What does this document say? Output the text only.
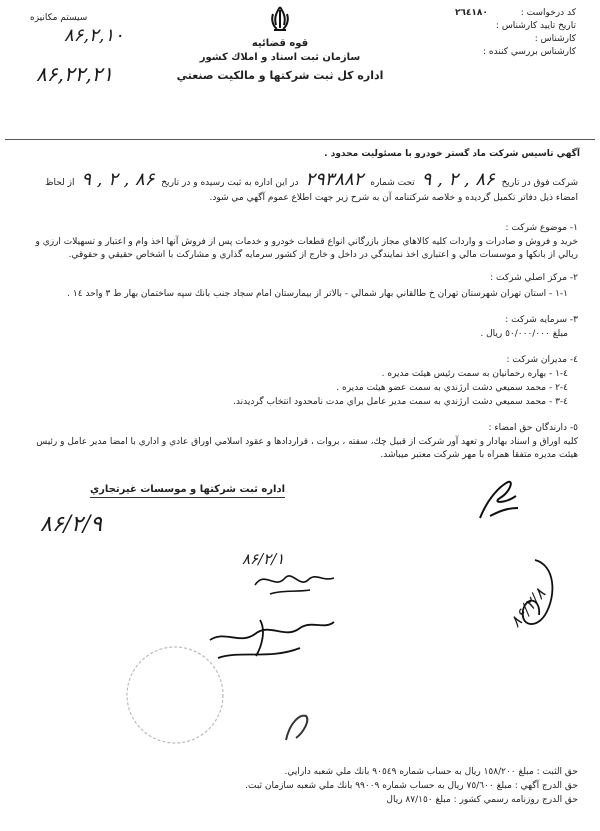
كد درخواست : ٢٦٤١٨٠
تاريخ تاييد كارشناس :
كارشناس :
كارشناس بررسي كننده :
سيستم مكانيزه
۸۶,۲,۱۰
۸۶,۲۲,۲۱
قوه قضائيه
سازمان ثبت اسناد و املاك كشور
اداره كل ثبت شركتها و مالكيت صنعتي
آگهي تاسيس شركت ماد گستر خودرو با مسئوليت محدود .
شركت فوق در تاريخ ۸۶ , ۲ , ۹ تحت شماره ۲۹۳۸۸۲ در اين اداره به ثبت رسيده و در تاريخ ۸۶ , ۲ , ۹ از لحاظ
امضاء ذيل دفاتر تكميل گرديده و خلاصه شركتنامه آن به شرح زير جهت اطلاع عموم آگهي مي شود.
١- موضوع شركت :
خريد و فروش و صادرات و واردات كليه كالاهاي مجاز بازرگاني انواع قطعات خودرو و خدمات پس از فروش آنها اخذ وام و اعتبار و تسهيلات ارزي و ريالي از بانكها و موسسات مالي و اعتباري اخذ نمايندگي در داخل و خارج از كشور سرمايه گذاري و مشاركت با اشخاص حقيقي و حقوقي.
٢- مركز اصلي شركت :
١-١ - استان تهران شهرستان تهران خ طالقاني بهار شمالي - بالاتر از بيمارستان امام سجاد جنب بانك سپه ساختمان بهار ط ٣ واحد ١٤ .
٣- سرمايه شركت :
مبلغ ٥٠/٠٠٠/٠٠٠ ريال .
٤- مديران شركت :
٤-١ - بهاره رحمانيان به سمت رئيس هيئت مديره .
٤-٢ - محمد سميعي دشت ارژندي به سمت عضو هيئت مديره .
٤-٣ - محمد سميعي دشت ارژندي به سمت مدير عامل براي مدت نامحدود انتخاب گرديدند.
٥- دارندگان حق امضاء :
كليه اوراق و اسناد بهادار و تعهد آور شركت از قبيل چك، سفته ، بروات ، قراردادها و عقود اسلامي اوراق عادي و اداري با امضا مدير عامل و رئيس هيئت مديره متفقا همراه با مهر شركت معتبر ميباشد.
اداره ثبت شركتها و موسسات غيرتجاري
۸۶/۲/۹
۸۶/۲/۱
۸۶/۲/۸
حق الثبت : مبلغ ١٥٨/٢٠٠ ريال به حساب شماره ٩٠٥٤٩ بانك ملي شعبه دارايي.
حق الدرج آگهي : مبلغ ٧٥/٦٠٠ ريال به حساب شماره ٩٩٠٠٩ بانك ملي شعبه سازمان ثبت.
حق الدرج روزنامه رسمي كشور : مبلغ ٨٧/١٥٠ ريال
